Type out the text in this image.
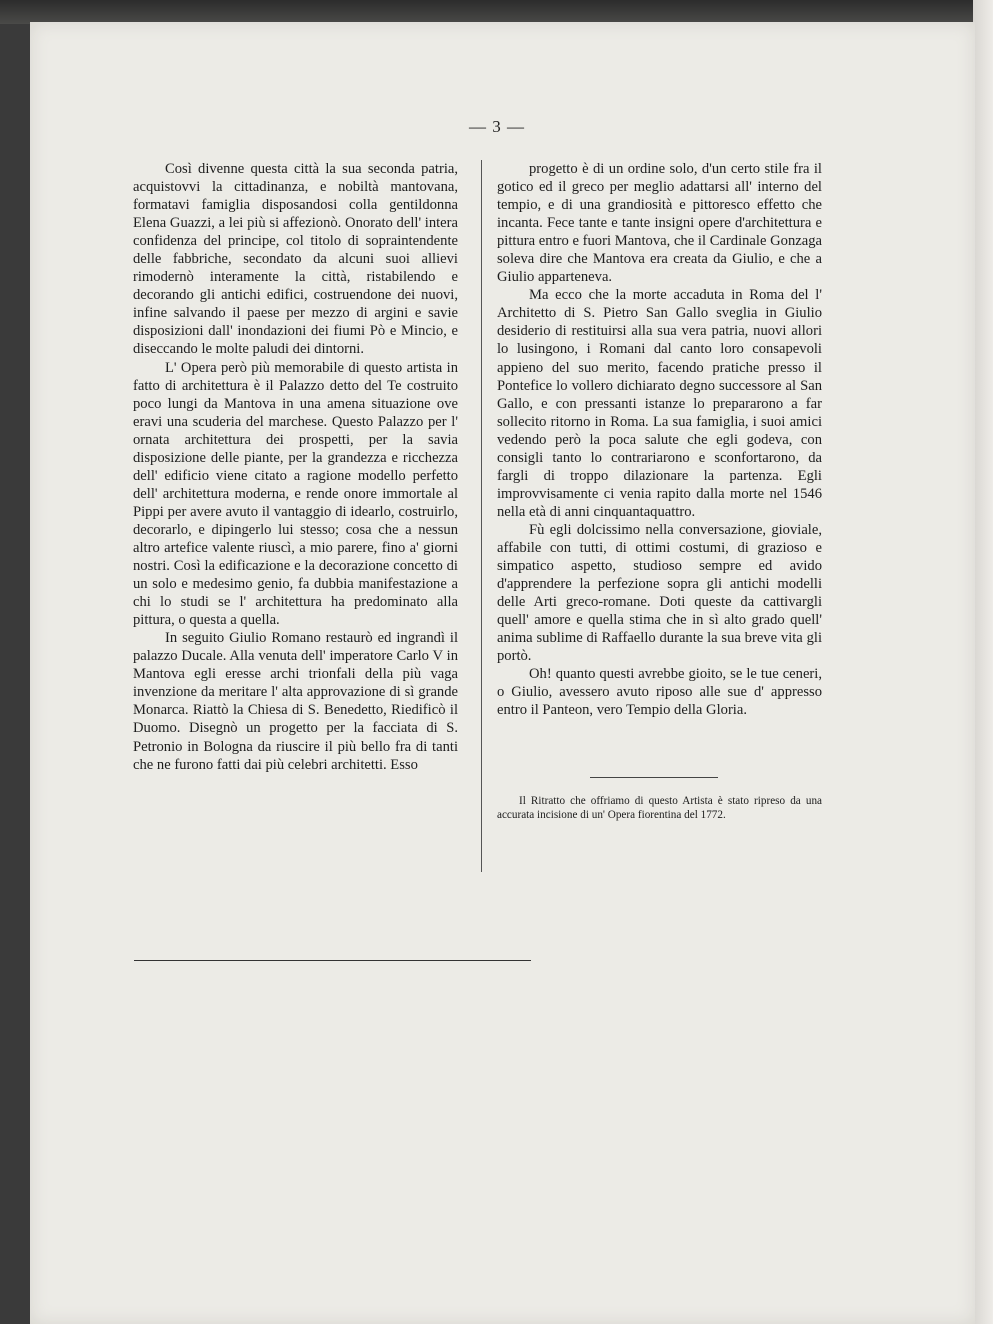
— 3 —

Così divenne questa città la sua seconda patria, acquistovvi la cittadinanza, e nobiltà mantovana, formatavi famiglia disposandosi colla gentildonna Elena Guazzi, a lei più si affezionò. Onorato dell' intera confidenza del principe, col titolo di sopraintendente delle fabbriche, secondato da alcuni suoi allievi rimodernò interamente la città, ristabilendo e decorando gli antichi edifici, costruendone dei nuovi, infine salvando il paese per mezzo di argini e savie disposizioni dall' inondazioni dei fiumi Pò e Mincio, e diseccando le molte paludi dei dintorni.

L' Opera però più memorabile di questo artista in fatto di architettura è il Palazzo detto del Te costruito poco lungi da Mantova in una amena situazione ove eravi una scuderia del marchese. Questo Palazzo per l' ornata architettura dei prospetti, per la savia disposizione delle piante, per la grandezza e ricchezza dell' edificio viene citato a ragione modello perfetto dell' architettura moderna, e rende onore immortale al Pippi per avere avuto il vantaggio di idearlo, costruirlo, decorarlo, e dipingerlo lui stesso; cosa che a nessun altro artefice valente riuscì, a mio parere, fino a' giorni nostri. Così la edificazione e la decorazione concetto di un solo e medesimo genio, fa dubbia manifestazione a chi lo studi se l' architettura ha predominato alla pittura, o questa a quella.

In seguito Giulio Romano restaurò ed ingrandì il palazzo Ducale. Alla venuta dell' imperatore Carlo V in Mantova egli eresse archi trionfali della più vaga invenzione da meritare l' alta approvazione di sì grande Monarca. Riattò la Chiesa di S. Benedetto, Riedificò il Duomo. Disegnò un progetto per la facciata di S. Petronio in Bologna da riuscire il più bello fra di tanti che ne furono fatti dai più celebri architetti. Esso

progetto è di un ordine solo, d'un certo stile fra il gotico ed il greco per meglio adattarsi all' interno del tempio, e di una grandiosità e pittoresco effetto che incanta. Fece tante e tante insigni opere d'architettura e pittura entro e fuori Mantova, che il Cardinale Gonzaga soleva dire che Mantova era creata da Giulio, e che a Giulio apparteneva.

Ma ecco che la morte accaduta in Roma del l' Architetto di S. Pietro San Gallo sveglia in Giulio desiderio di restituirsi alla sua vera patria, nuovi allori lo lusingono, i Romani dal canto loro consapevoli appieno del suo merito, facendo pratiche presso il Pontefice lo vollero dichiarato degno successore al San Gallo, e con pressanti istanze lo prepararono a far sollecito ritorno in Roma. La sua famiglia, i suoi amici vedendo però la poca salute che egli godeva, con consigli tanto lo contrariarono e sconfortarono, da fargli di troppo dilazionare la partenza. Egli improvvisamente ci venia rapito dalla morte nel 1546 nella età di anni cinquantaquattro.

Fù egli dolcissimo nella conversazione, gioviale, affabile con tutti, di ottimi costumi, di grazioso e simpatico aspetto, studioso sempre ed avido d'apprendere la perfezione sopra gli antichi modelli delle Arti greco-romane. Doti queste da cattivargli quell' amore e quella stima che in sì alto grado quell' anima sublime di Raffaello durante la sua breve vita gli portò.

Oh! quanto questi avrebbe gioito, se le tue ceneri, o Giulio, avessero avuto riposo alle sue d' appresso entro il Panteon, vero Tempio della Gloria.

Il Ritratto che offriamo di questo Artista è stato ripreso da una accurata incisione di un' Opera fiorentina del 1772.
